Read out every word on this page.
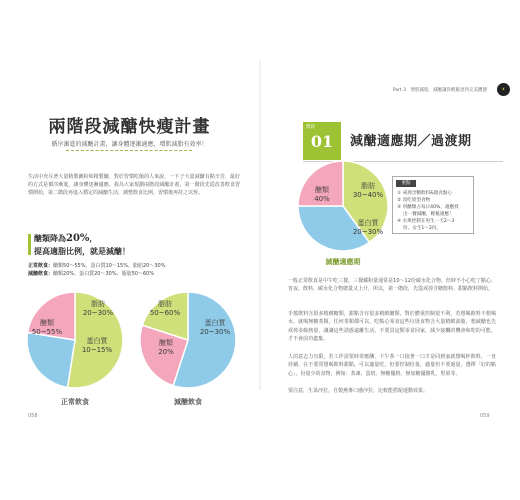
兩階段減醣快瘦計畫
循序漸進的減醣計畫，讓身體逐漸適應，增肌減脂有效率！

生活中充斥著大量精製澱粉和精製醣，對於習慣吃飯的人來說，一下子大量減醣有點辛苦，最好的方式是循序漸進，讓身體逐漸適應。我為大家規劃兩階段減醣計畫，第一階段先從改善飲食習慣開始，第二階段再進入穩定的減醣生活，調整飲食比例，習慣後再持之以恆。

醣類降為20%，
提高適脂比例，就是減醣！
正常飲食：醣類50～55%、蛋白質10～15%、脂肪20～30%
減醣飲食：醣類20%、蛋白質20～30%、脂肪50～60%
醣類
50~55%
脂肪
20~30%
蛋白質
10~15%
正常飲食
脂肪
50~60%
蛋白質
20~30%
醣類
20%
減醣飲食
058
Part 3　增肌減脂，減醣讓你輕鬆達到完美體態	‹
階段
01	減醣適應期／過渡期
醣類
40%
脂肪
30~40%
蛋白質
20~30%
減醣適應期
重點
① 戒掉含糖飲料&甜食點心
② 改吃原型食物
③ 用醣類占每日40%，適應找
　 出一餐減醣，輕鬆適應！
④ 水果控制在男生一天2～3
　 份，女生1～2份。

一般正常飲食是中午吃三餐，三餐藏粉量通常是10～12份碳水化合物，但時不小心吃了點心、宵夜、飲料，碳水化合物總量又上升，所以，第一階段，先從戒掉含糖飲料、甜點飲料開始。

手搖飲料含很多精緻糖類，甜點含有很多精緻醣類，對於體重控制很不利，若想喝飲料不想喝水，就喝無糖茶類。任何茶類都可以，吃點心零食這些垃圾食物含大量精緻油脂，想減醣也先戒掉多餘熱量，讓讓這些誘惑遠離生活，不要買這類零食回家，減少接觸的機會和吃的可能，才不會前功盡棄。

人的意志力有限，若工作需要時常應酬，下午茶一口接著一口才是回到家就想喝杯飲料，一直持續，在不要常想喝飲料甜點，可以適量吃，但要控制份量，適量但不要過量，選擇「好的點心」，份量少的食物，例如：茶凍、蛋奶、無糖優格、無加糖優酪乳、堅果等。

要注意，生菜沙拉，自製燕麥口感沙拉，比較能搭配運動效果。

059
